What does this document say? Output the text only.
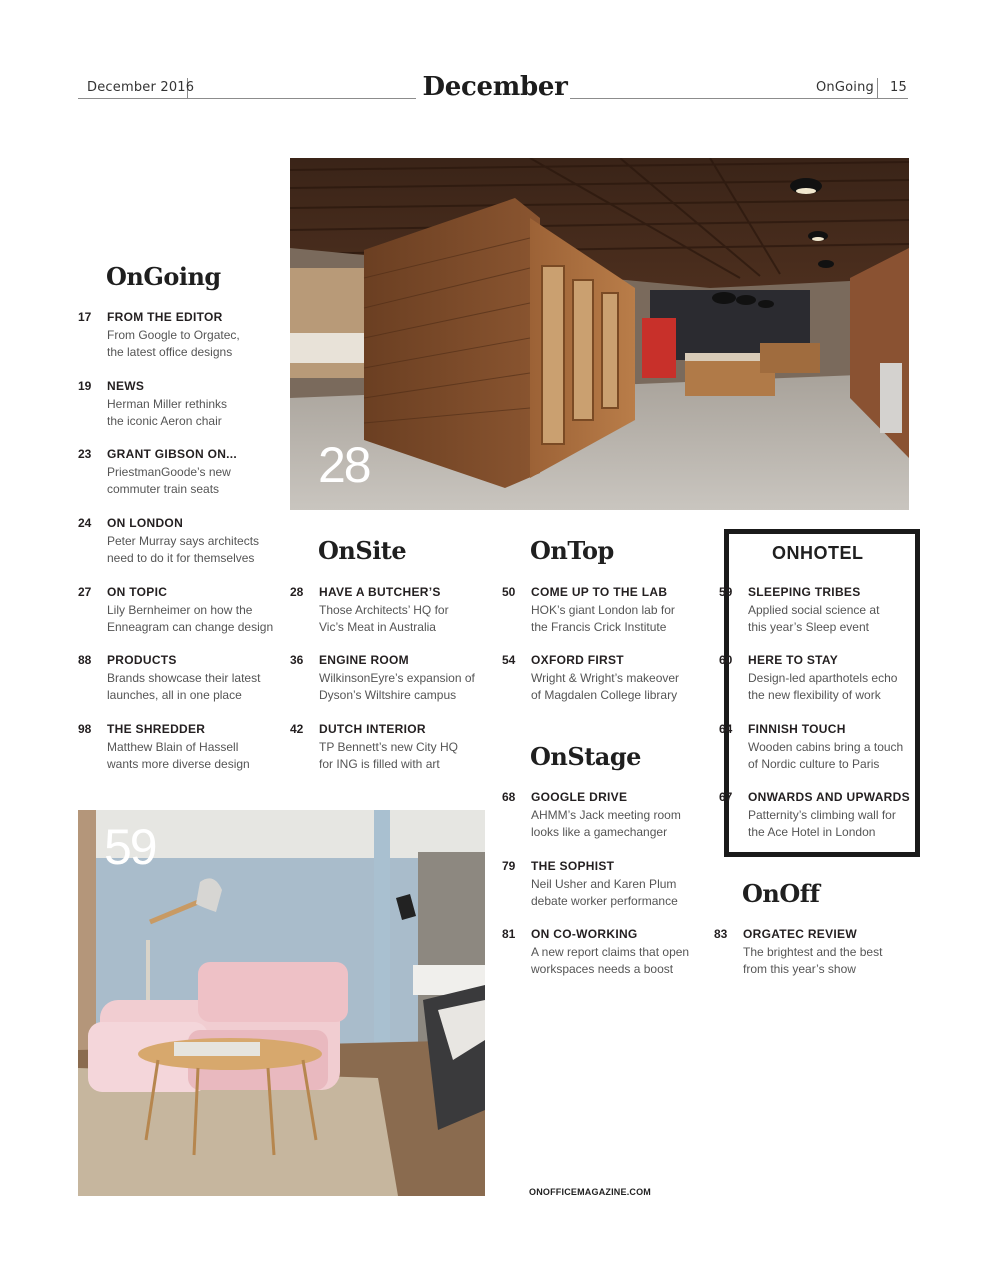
December 2016	December	OnGoing 15
28
59
OnGoing
17 FROM THE EDITOR
From Google to Orgatec,
the latest office designs
19 NEWS
Herman Miller rethinks
the iconic Aeron chair
23 GRANT GIBSON ON...
PriestmanGoode’s new
commuter train seats
24 ON LONDON
Peter Murray says architects
need to do it for themselves
27 ON TOPIC
Lily Bernheimer on how the
Enneagram can change design
88 PRODUCTS
Brands showcase their latest
launches, all in one place
98 THE SHREDDER
Matthew Blain of Hassell
wants more diverse design
OnSite
28 HAVE A BUTCHER’S
Those Architects’ HQ for
Vic’s Meat in Australia
36 ENGINE ROOM
WilkinsonEyre’s expansion of
Dyson’s Wiltshire campus
42 DUTCH INTERIOR
TP Bennett’s new City HQ
for ING is filled with art
OnTop
50 COME UP TO THE LAB
HOK’s giant London lab for
the Francis Crick Institute
54 OXFORD FIRST
Wright & Wright’s makeover
of Magdalen College library
OnStage
68 GOOGLE DRIVE
AHMM’s Jack meeting room
looks like a gamechanger
79 THE SOPHIST
Neil Usher and Karen Plum
debate worker performance
81 ON CO-WORKING
A new report claims that open
workspaces needs a boost
ONHOTEL
59 SLEEPING TRIBES
Applied social science at
this year’s Sleep event
60 HERE TO STAY
Design-led aparthotels echo
the new flexibility of work
64 FINNISH TOUCH
Wooden cabins bring a touch
of Nordic culture to Paris
67 ONWARDS AND UPWARDS
Patternity’s climbing wall for
the Ace Hotel in London
OnOff
83 ORGATEC REVIEW
The brightest and the best
from this year’s show
ONOFFICEMAGAZINE.COM
